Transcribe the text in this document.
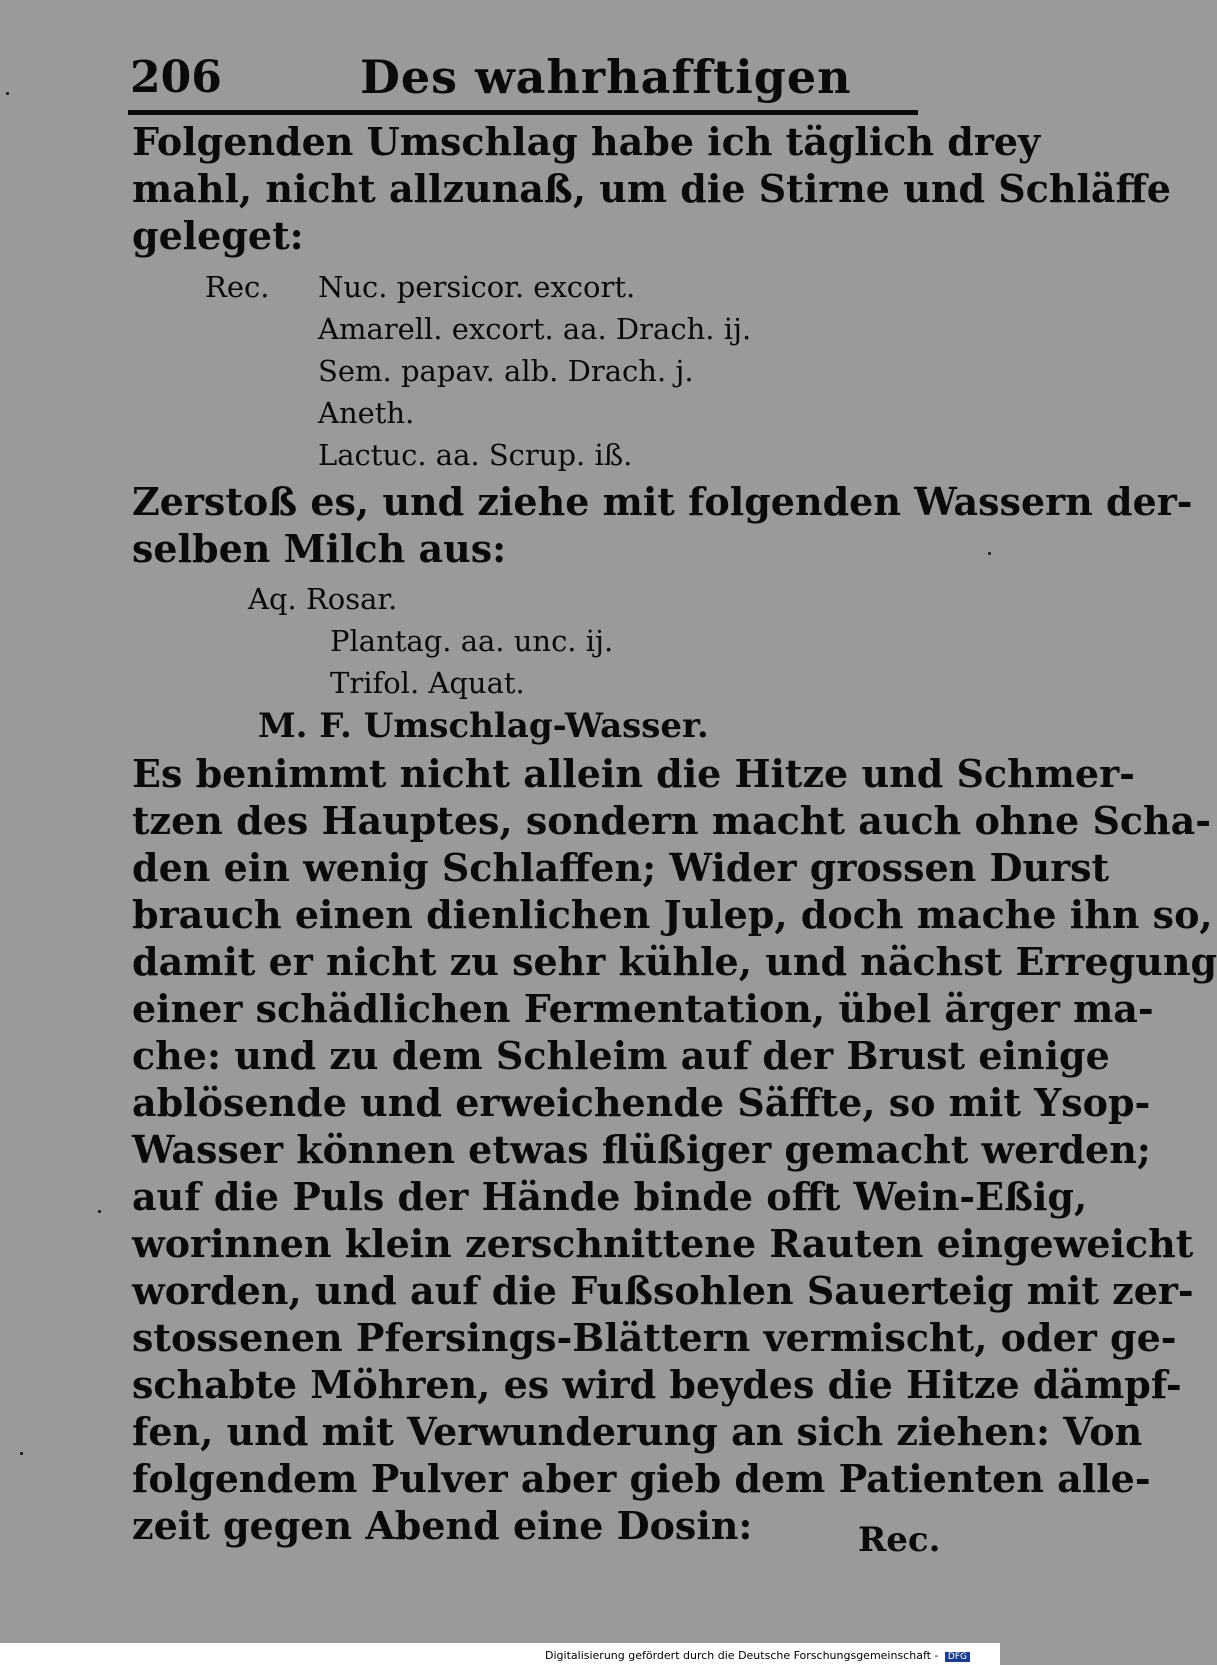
206	Des wahrhafftigen
Folgenden Umschlag habe ich täglich drey
mahl, nicht allzunaß, um die Stirne und Schläffe
geleget:
Rec. Nuc. persicor. excort.
Amarell. excort. aa. Drach. ij.
Sem. papav. alb. Drach. j.
Aneth.
Lactuc. aa. Scrup. iß.
Zerstoß es, und ziehe mit folgenden Wassern der-
selben Milch aus:
Aq. Rosar.
Plantag. aa. unc. ij.
Trifol. Aquat.
M. F. Umschlag-Wasser.
Es benimmt nicht allein die Hitze und Schmer-
tzen des Hauptes, sondern macht auch ohne Scha-
den ein wenig Schlaffen; Wider grossen Durst
brauch einen dienlichen Julep, doch mache ihn so,
damit er nicht zu sehr kühle, und nächst Erregung
einer schädlichen Fermentation, übel ärger ma-
che: und zu dem Schleim auf der Brust einige
ablösende und erweichende Säffte, so mit Ysop-
Wasser können etwas flüßiger gemacht werden;
auf die Puls der Hände binde offt Wein-Eßig,
worinnen klein zerschnittene Rauten eingeweicht
worden, und auf die Fußsohlen Sauerteig mit zer-
stossenen Pfersings-Blättern vermischt, oder ge-
schabte Möhren, es wird beydes die Hitze dämpf-
fen, und mit Verwunderung an sich ziehen: Von
folgendem Pulver aber gieb dem Patienten alle-
zeit gegen Abend eine Dosin:	Rec.
Digitalisierung gefördert durch die Deutsche Forschungsgemeinschaft - DFG
